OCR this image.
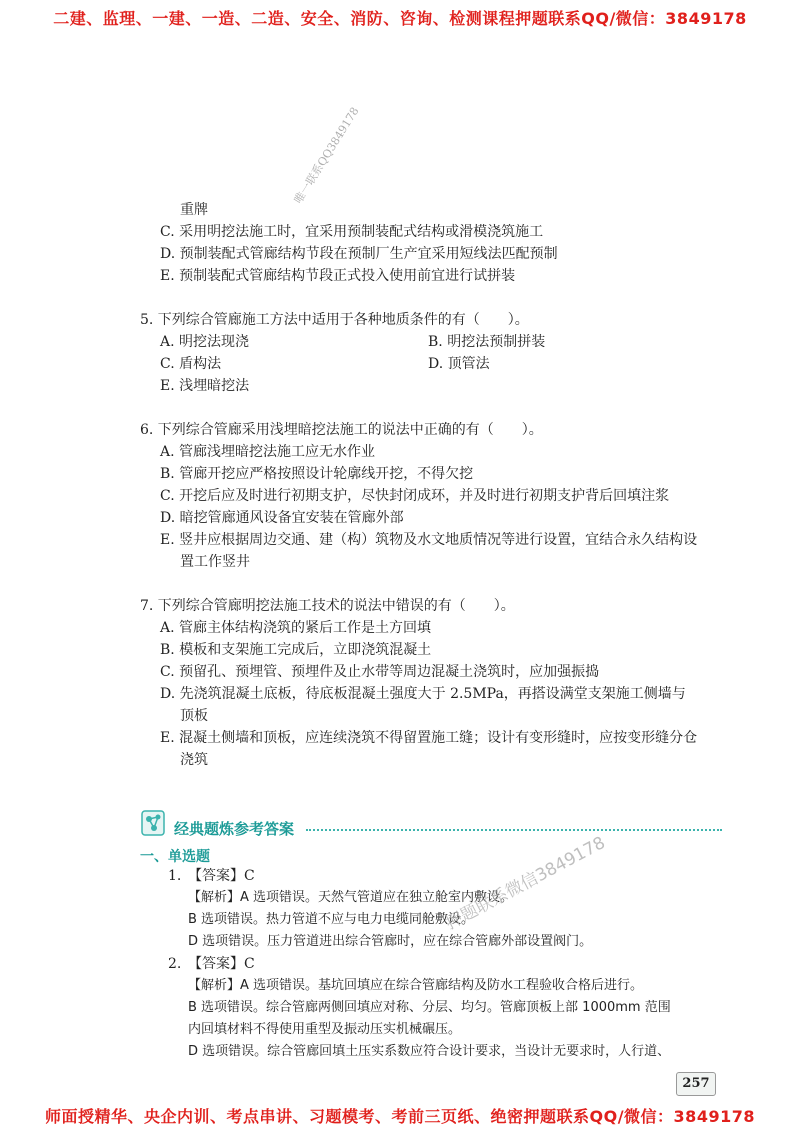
二建、监理、一建、一造、二造、安全、消防、咨询、检测课程押题联系QQ/微信：3849178
重牌
C. 采用明挖法施工时，宜采用预制装配式结构或滑模浇筑施工
D. 预制装配式管廊结构节段在预制厂生产宜采用短线法匹配预制
E. 预制装配式管廊结构节段正式投入使用前宜进行试拼装
唯一联系QQ3849178
5. 下列综合管廊施工方法中适用于各种地质条件的有（　　）。
A. 明挖法现浇	B. 明挖法预制拼装
C. 盾构法	D. 顶管法
E. 浅埋暗挖法
6. 下列综合管廊采用浅埋暗挖法施工的说法中正确的有（　　）。
A. 管廊浅埋暗挖法施工应无水作业
B. 管廊开挖应严格按照设计轮廓线开挖，不得欠挖
C. 开挖后应及时进行初期支护，尽快封闭成环，并及时进行初期支护背后回填注浆
D. 暗挖管廊通风设备宜安装在管廊外部
E. 竖井应根据周边交通、建（构）筑物及水文地质情况等进行设置，宜结合永久结构设
置工作竖井
7. 下列综合管廊明挖法施工技术的说法中错误的有（　　）。
A. 管廊主体结构浇筑的紧后工作是土方回填
B. 模板和支架施工完成后，立即浇筑混凝土
C. 预留孔、预埋管、预埋件及止水带等周边混凝土浇筑时，应加强振捣
D. 先浇筑混凝土底板，待底板混凝土强度大于 2.5MPa，再搭设满堂支架施工侧墙与
顶板
E. 混凝土侧墙和顶板，应连续浇筑不得留置施工缝；设计有变形缝时，应按变形缝分仓
浇筑
经典题炼参考答案
一、单选题
1. 【答案】C
【解析】A 选项错误。天然气管道应在独立舱室内敷设。
B 选项错误。热力管道不应与电力电缆同舱敷设。
D 选项错误。压力管道进出综合管廊时，应在综合管廊外部设置阀门。
2. 【答案】C
【解析】A 选项错误。基坑回填应在综合管廊结构及防水工程验收合格后进行。
B 选项错误。综合管廊两侧回填应对称、分层、均匀。管廊顶板上部 1000mm 范围
内回填材料不得使用重型及振动压实机械碾压。
D 选项错误。综合管廊回填土压实系数应符合设计要求，当设计无要求时，人行道、
押题联系微信3849178
257
师面授精华、央企内训、考点串讲、习题模考、考前三页纸、绝密押题联系QQ/微信：3849178
